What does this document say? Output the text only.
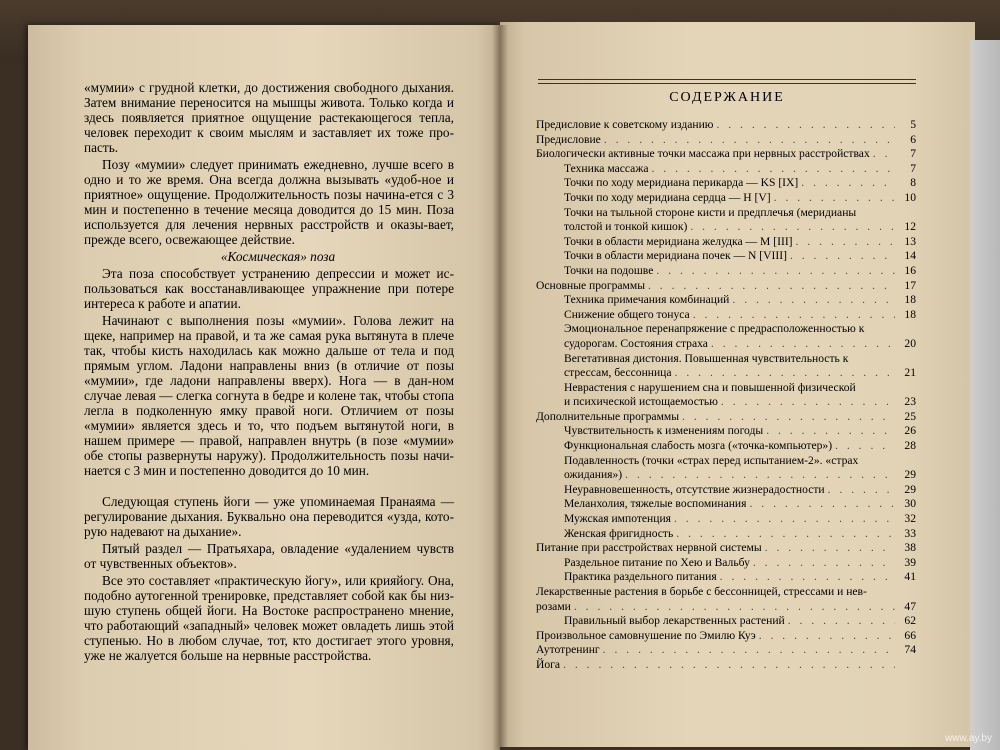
«мумии» с грудной клетки, до достижения свободного дыхания. Затем внимание переносится на мышцы живота. Только когда и здесь появляется приятное ощущение растекающегося тепла, человек переходит к своим мыслям и заставляет их тоже про-пасть.

Позу «мумии» следует принимать ежедневно, лучше всего в одно и то же время. Она всегда должна вызывать «удоб-ное и приятное» ощущение. Продолжительность позы начина-ется с 3 мин и постепенно в течение месяца доводится до 15 мин. Поза используется для лечения нервных расстройств и оказы-вает, прежде всего, освежающее действие.

«Космическая» поза

Эта поза способствует устранению депрессии и может ис-пользоваться как восстанавливающее упражнение при потере интереса к работе и апатии.

Начинают с выполнения позы «мумии». Голова лежит на щеке, например на правой, и та же самая рука вытянута в плече так, чтобы кисть находилась как можно дальше от тела и под прямым углом. Ладони направлены вниз (в отличие от позы «мумии», где ладони направлены вверх). Нога — в дан-ном случае левая — слегка согнута в бедре и колене так, чтобы стопа легла в подколенную ямку правой ноги. Отличием от позы «мумии» является здесь и то, что подъем вытянутой ноги, в нашем примере — правой, направлен внутрь (в позе «мумии» обе стопы развернуты наружу). Продолжительность позы начи-нается с 3 мин и постепенно доводится до 10 мин.

Следующая ступень йоги — уже упоминаемая Пранаяма — регулирование дыхания. Буквально она переводится «узда, кото-рую надевают на дыхание».

Пятый раздел — Пратьяхара, овладение «удалением чувств от чувственных объектов».

Все это составляет «практическую йогу», или крияйогу. Она, подобно аутогенной тренировке, представляет собой как бы низ-шую ступень общей йоги. На Востоке распространено мнение, что работающий «западный» человек может овладеть лишь этой ступенью. Но в любом случае, тот, кто достигает этого уровня, уже не жалуется больше на нервные расстройства.

СОДЕРЖАНИЕ
Предисловие к советскому изданию . . .	5
Предисловие . . .	6
Биологически активные точки массажа при нервных расстройствах . . .	7
Техника массажа . . .	7
Точки по ходу меридиана перикарда — KS [IX] . . .	8
Точки по ходу меридиана сердца — Н [V] . . .	10
Точки на тыльной стороне кисти и предплечья (меридианы
толстой и тонкой кишок) . . .	12
Точки в области меридиана желудка — М [III] . . .	13
Точки в области меридиана почек — N [VIII] . . .	14
Точки на подошве . . .	16
Основные программы . . .	17
Техника примечания комбинаций . . .	18
Снижение общего тонуса . . .	18
Эмоциональное перенапряжение с предрасположенностью к
судорогам. Состояния страха . . .	20
Вегетативная дистония. Повышенная чувствительность к
стрессам, бессонница . . .	21
Неврастения с нарушением сна и повышенной физической
и психической истощаемостью . . .	23
Дополнительные программы . . .	25
Чувствительность к изменениям погоды . . .	26
Функциональная слабость мозга («точка-компьютер») . . .	28
Подавленность (точки «страх перед испытанием-2». «страх
ожидания») . . .	29
Неуравновешенность, отсутствие жизнерадостности . . .	29
Меланхолия, тяжелые воспоминания . . .	30
Мужская импотенция . . .	32
Женская фригидность . . .	33
Питание при расстройствах нервной системы . . .	38
Раздельное питание по Хею и Вальбу . . .	39
Практика раздельного питания . . .	41
Лекарственные растения в борьбе с бессонницей, стрессами и нев-
розами . . .	47
Правильный выбор лекарственных растений . . .	62
Произвольное самовнушение по Эмилю Куэ . . .	66
Аутотренинг . . .	74
Йога
. . .
www.ay.by
